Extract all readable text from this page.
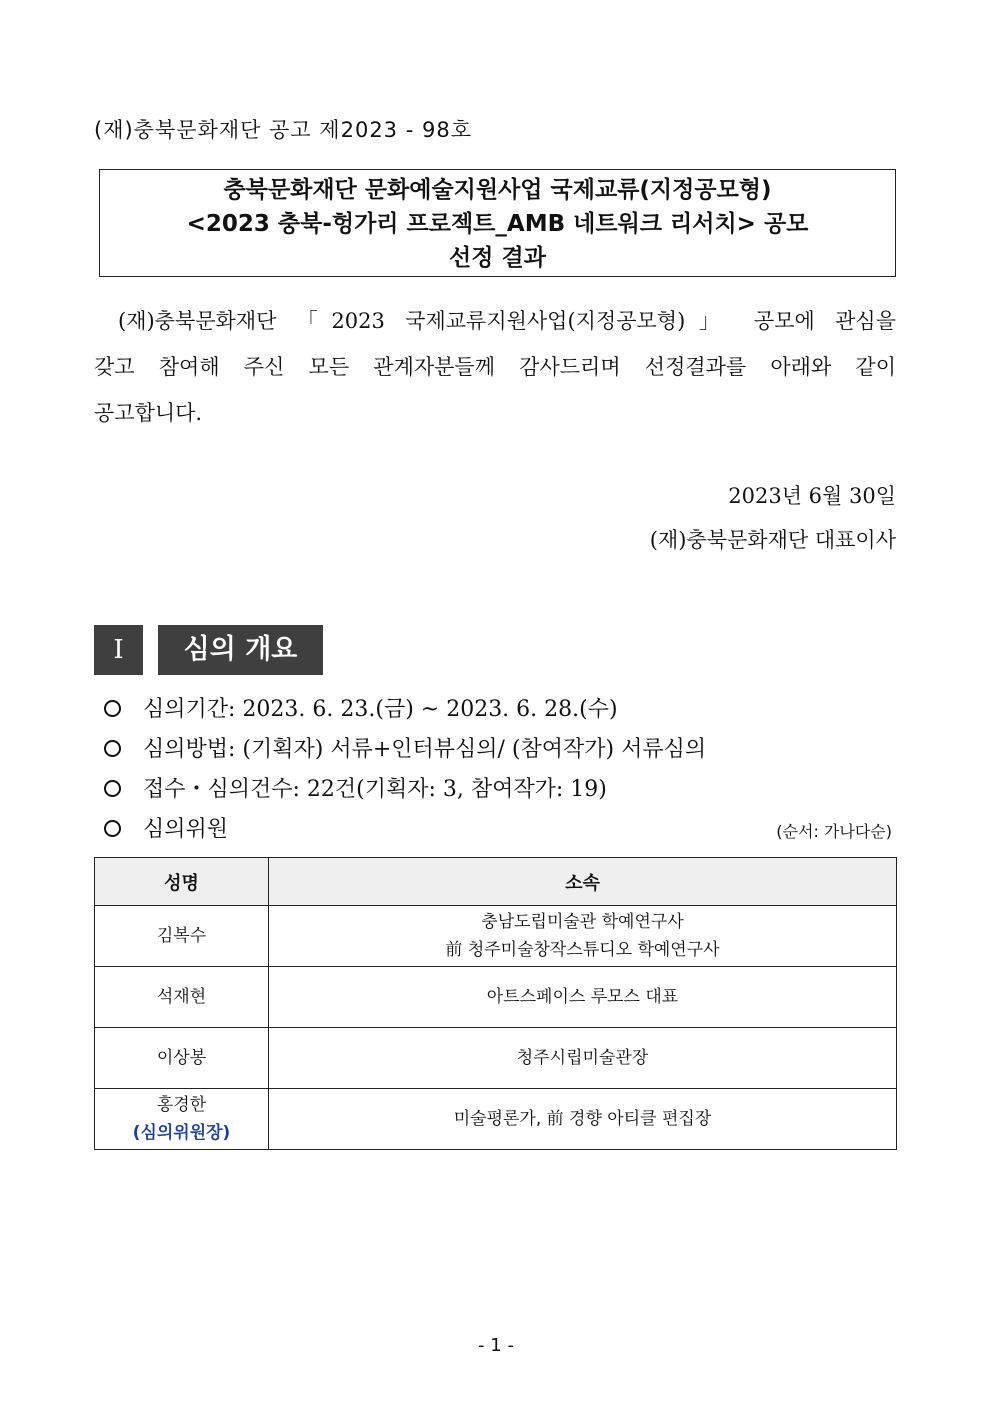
(재)충북문화재단 공고 제2023 - 98호
충북문화재단 문화예술지원사업 국제교류(지정공모형)
<2023 충북-헝가리 프로젝트_AMB 네트워크 리서치> 공모
선정 결과
(재)충북문화재단 「2023 국제교류지원사업(지정공모형)」 공모에 관심을
갖고 참여해 주신 모든 관계자분들께 감사드리며 선정결과를 아래와 같이
공고합니다.
2023년 6월 30일
(재)충북문화재단 대표이사
Ⅰ	심의 개요
심의기간: 2023. 6. 23.(금) ~ 2023. 6. 28.(수)
심의방법: (기획자) 서류+인터뷰심의/ (참여작가) 서류심의
접수・심의건수: 22건(기획자: 3, 참여작가: 19)
심의위원	(순서: 가나다순)
성명	소속
김복수	충남도립미술관 학예연구사
前 청주미술창작스튜디오 학예연구사

석재현	아트스페이스 루모스 대표
이상봉	청주시립미술관장

홍경한
(심의위원장)	미술평론가, 前 경향 아티클 편집장
- 1 -
